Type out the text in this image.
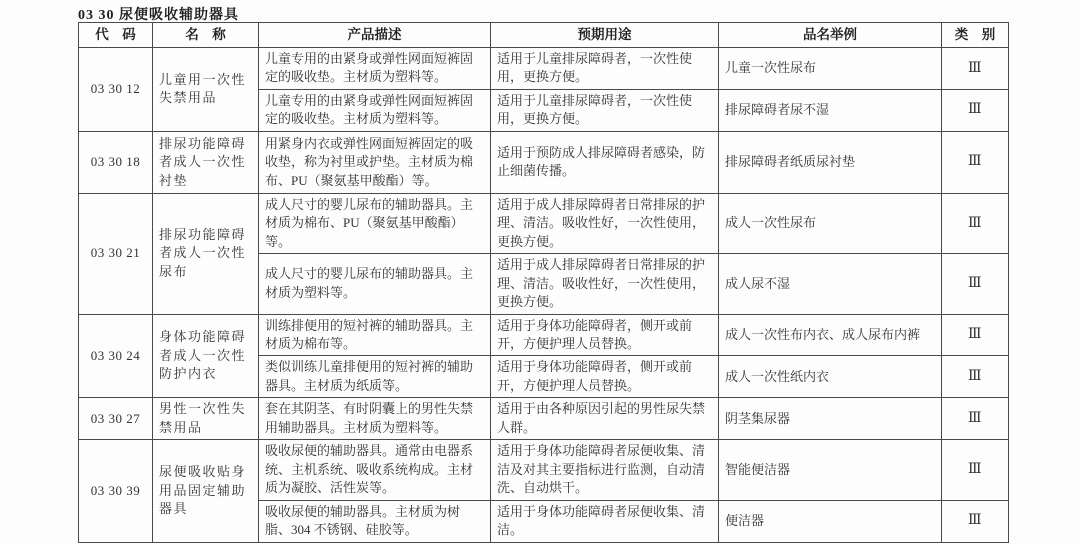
03 30 尿便吸收辅助器具
代　码	名　称	产品描述	预期用途	品名举例	类　别
03 30 12	儿童用一次性失禁用品	儿童专用的由紧身或弹性网面短裤固定的吸收垫。主材质为塑料等。	适用于儿童排尿障碍者，一次性使用，更换方便。	儿童一次性尿布	Ⅲ
		儿童专用的由紧身或弹性网面短裤固定的吸收垫。主材质为塑料等。	适用于儿童排尿障碍者，一次性使用，更换方便。	排尿障碍者尿不湿	Ⅲ
03 30 18	排尿功能障碍者成人一次性衬垫	用紧身内衣或弹性网面短裤固定的吸收垫，称为衬里或护垫。主材质为棉布、PU（聚氨基甲酸酯）等。	适用于预防成人排尿障碍者感染，防止细菌传播。	排尿障碍者纸质尿衬垫	Ⅲ
03 30 21	排尿功能障碍者成人一次性尿布	成人尺寸的婴儿尿布的辅助器具。主材质为棉布、PU（聚氨基甲酸酯）等。	适用于成人排尿障碍者日常排尿的护理、清洁。吸收性好，一次性使用，更换方便。	成人一次性尿布	Ⅲ
		成人尺寸的婴儿尿布的辅助器具。主材质为塑料等。	适用于成人排尿障碍者日常排尿的护理、清洁。吸收性好，一次性使用，更换方便。	成人尿不湿	Ⅲ
03 30 24	身体功能障碍者成人一次性防护内衣	训练排便用的短衬裤的辅助器具。主材质为棉布等。	适用于身体功能障碍者，侧开或前开，方便护理人员替换。	成人一次性布内衣、成人尿布内裤	Ⅲ
		类似训练儿童排便用的短衬裤的辅助器具。主材质为纸质等。	适用于身体功能障碍者，侧开或前开，方便护理人员替换。	成人一次性纸内衣	Ⅲ
03 30 27	男性一次性失禁用品	套在其阴茎、有时阴囊上的男性失禁用辅助器具。主材质为塑料等。	适用于由各种原因引起的男性尿失禁人群。	阴茎集尿器	Ⅲ
03 30 39	尿便吸收贴身用品固定辅助器具	吸收尿便的辅助器具。通常由电器系统、主机系统、吸收系统构成。主材质为凝胶、活性炭等。	适用于身体功能障碍者尿便收集、清洁及对其主要指标进行监测，自动清洗、自动烘干。	智能便洁器	Ⅲ
		吸收尿便的辅助器具。主材质为树脂、304 不锈钢、硅胶等。	适用于身体功能障碍者尿便收集、清洁。	便洁器	Ⅲ
